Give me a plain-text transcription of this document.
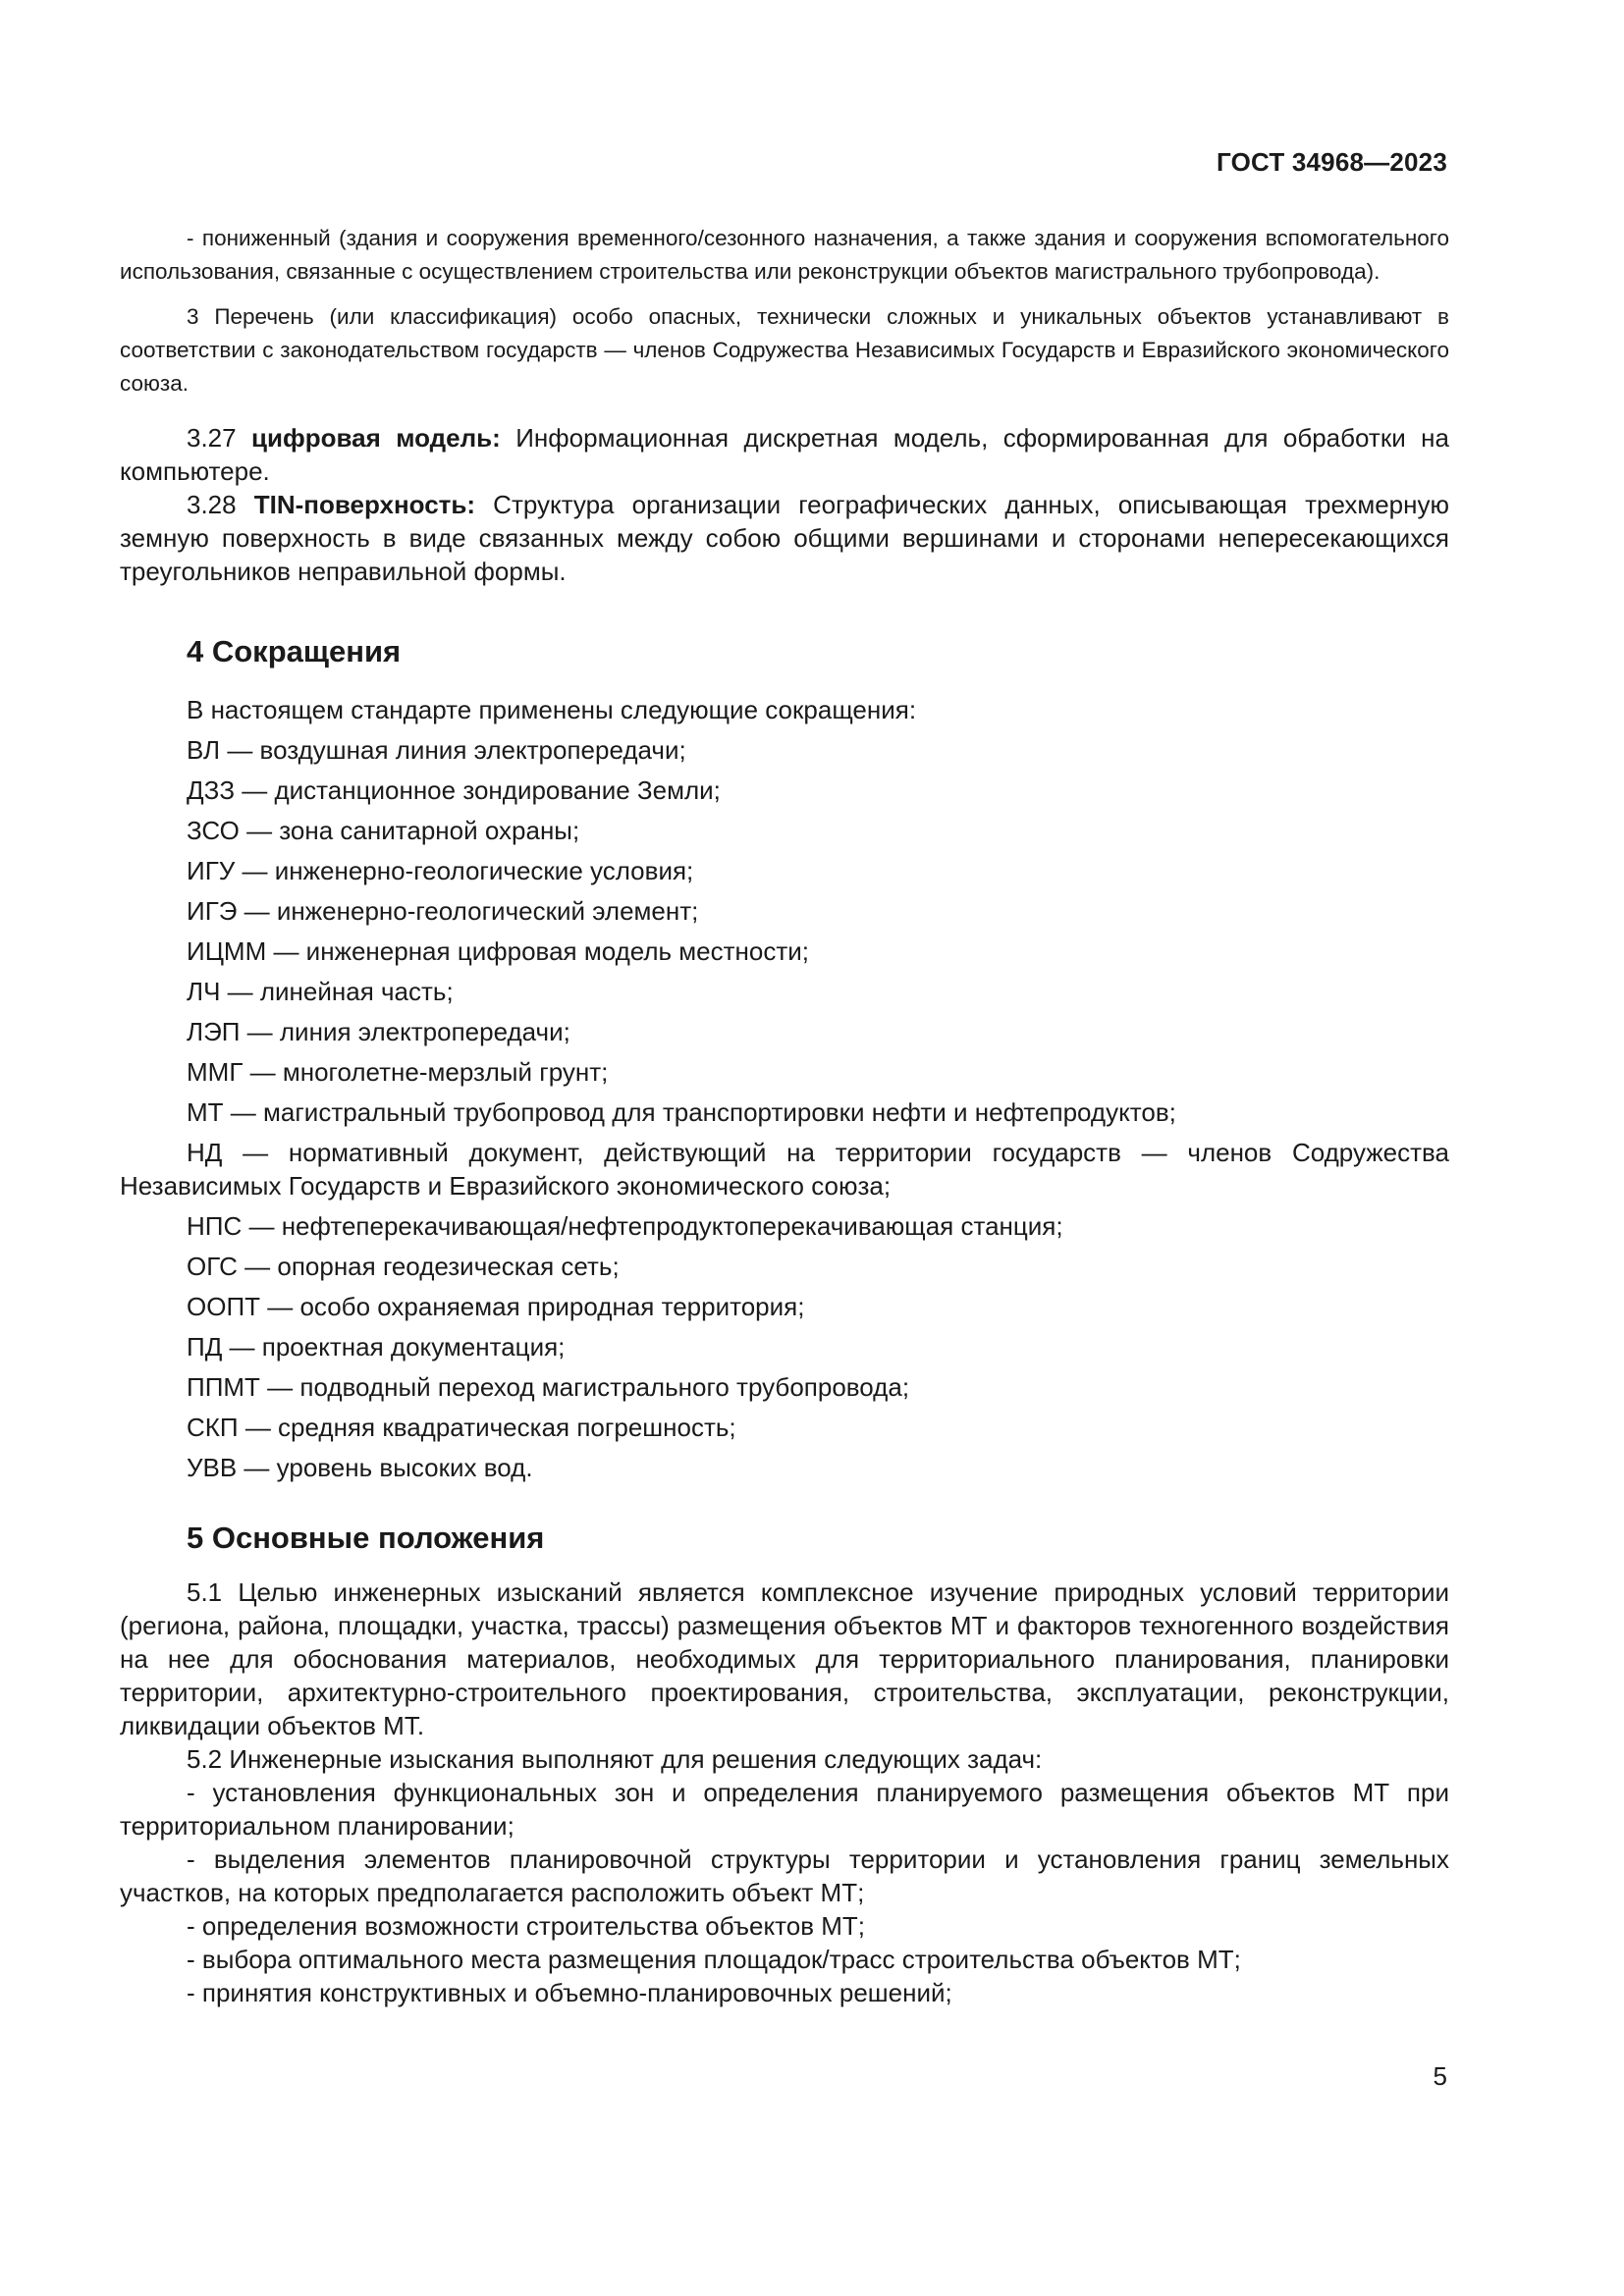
ГОСТ 34968—2023

- пониженный (здания и сооружения временного/сезонного назначения, а также здания и сооружения вспомогательного использования, связанные с осуществлением строительства или реконструкции объектов магистрального трубопровода).

3 Перечень (или классификация) особо опасных, технически сложных и уникальных объектов устанавливают в соответствии с законодательством государств — членов Содружества Независимых Государств и Евразийского экономического союза.

3.27 цифровая модель: Информационная дискретная модель, сформированная для обработки на компьютере.

3.28 TIN-поверхность: Структура организации географических данных, описывающая трехмерную земную поверхность в виде связанных между собою общими вершинами и сторонами непересекающихся треугольников неправильной формы.

4 Сокращения

В настоящем стандарте применены следующие сокращения:

ВЛ — воздушная линия электропередачи;

ДЗЗ — дистанционное зондирование Земли;

ЗСО — зона санитарной охраны;

ИГУ — инженерно-геологические условия;

ИГЭ — инженерно-геологический элемент;

ИЦММ — инженерная цифровая модель местности;

ЛЧ — линейная часть;

ЛЭП — линия электропередачи;

ММГ — многолетне-мерзлый грунт;

МТ — магистральный трубопровод для транспортировки нефти и нефтепродуктов;

НД — нормативный документ, действующий на территории государств — членов Содружества Независимых Государств и Евразийского экономического союза;

НПС — нефтеперекачивающая/нефтепродуктоперекачивающая станция;

ОГС — опорная геодезическая сеть;

ООПТ — особо охраняемая природная территория;

ПД — проектная документация;

ППМТ — подводный переход магистрального трубопровода;

СКП — средняя квадратическая погрешность;

УВВ — уровень высоких вод.

5 Основные положения

5.1 Целью инженерных изысканий является комплексное изучение природных условий территории (региона, района, площадки, участка, трассы) размещения объектов МТ и факторов техногенного воздействия на нее для обоснования материалов, необходимых для территориального планирования, планировки территории, архитектурно-строительного проектирования, строительства, эксплуатации, реконструкции, ликвидации объектов МТ.

5.2 Инженерные изыскания выполняют для решения следующих задач:

- установления функциональных зон и определения планируемого размещения объектов МТ при территориальном планировании;

- выделения элементов планировочной структуры территории и установления границ земельных участков, на которых предполагается расположить объект МТ;

- определения возможности строительства объектов МТ;

- выбора оптимального места размещения площадок/трасс строительства объектов МТ;

- принятия конструктивных и объемно-планировочных решений;

5
